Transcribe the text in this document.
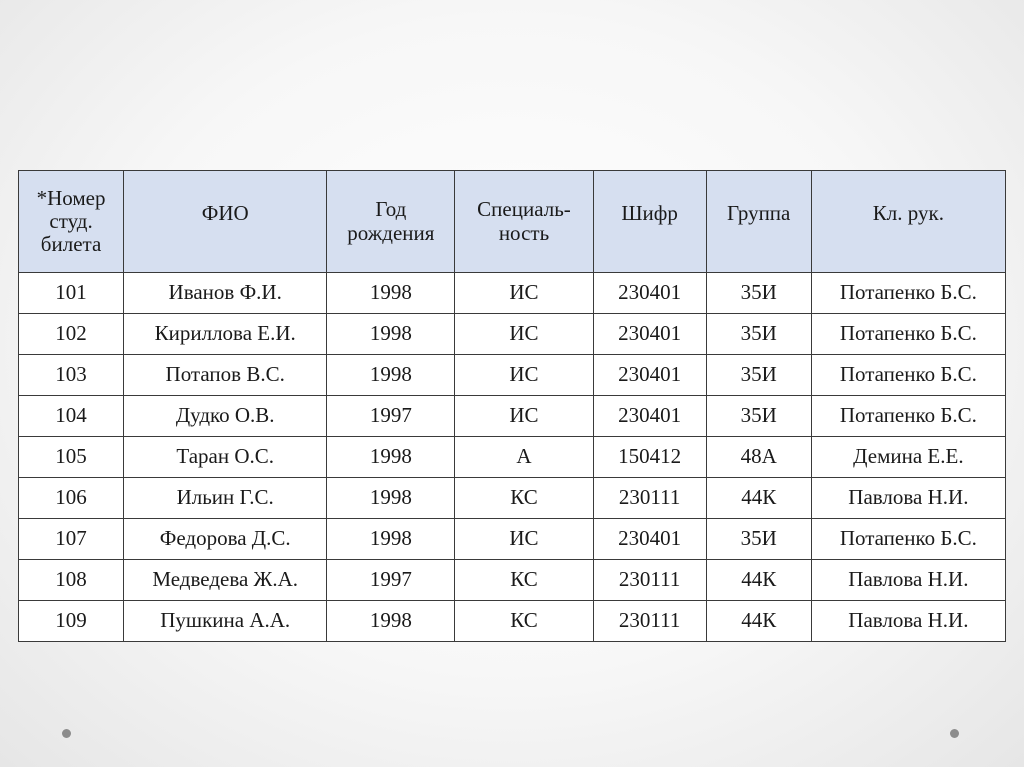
*Номер
студ.
билета	ФИО	Год
рождения	Специаль-
ность	Шифр	Группа	Кл. рук.

101	Иванов Ф.И.	1998	ИС	230401	35И	Потапенко Б.С.
102	Кириллова Е.И.	1998	ИС	230401	35И	Потапенко Б.С.
103	Потапов В.С.	1998	ИС	230401	35И	Потапенко Б.С.
104	Дудко О.В.	1997	ИС	230401	35И	Потапенко Б.С.
105	Таран О.С.	1998	А	150412	48А	Демина Е.Е.
106	Ильин Г.С.	1998	КС	230111	44К	Павлова Н.И.
107	Федорова Д.С.	1998	ИС	230401	35И	Потапенко Б.С.
108	Медведева Ж.А.	1997	КС	230111	44К	Павлова Н.И.
109	Пушкина А.А.	1998	КС	230111	44К	Павлова Н.И.
